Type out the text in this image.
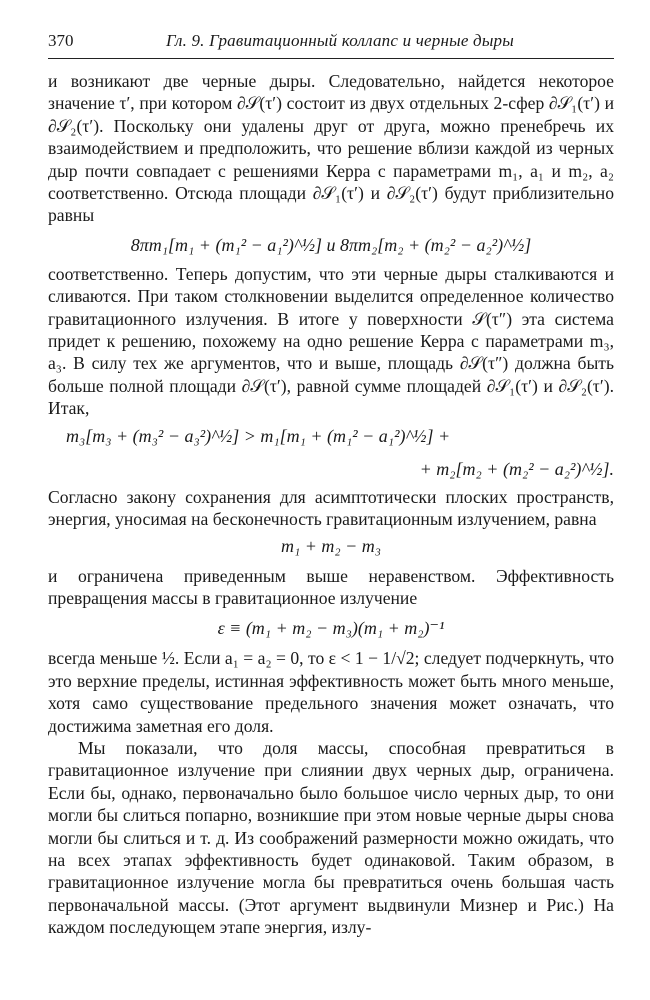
370	Гл. 9. Гравитационный коллапс и черные дыры

и возникают две черные дыры. Следовательно, найдется некоторое значение τ′, при котором ∂𝒮(τ′) состоит из двух отдельных 2-сфер ∂𝒮₁(τ′) и ∂𝒮₂(τ′). Поскольку они удалены друг от друга, можно пренебречь их взаимодействием и предположить, что решение вблизи каждой из черных дыр почти совпадает с решениями Керра с параметрами m₁, a₁ и m₂, a₂ соответственно. Отсюда площади ∂𝒮₁(τ′) и ∂𝒮₂(τ′) будут приблизительно равны

8πm₁[m₁ + (m₁² − a₁²)^½] и 8πm₂[m₂ + (m₂² − a₂²)^½]

соответственно. Теперь допустим, что эти черные дыры сталкиваются и сливаются. При таком столкновении выделится определенное количество гравитационного излучения. В итоге у поверхности 𝒮(τ″) эта система придет к решению, похожему на одно решение Керра с параметрами m₃, a₃. В силу тех же аргументов, что и выше, площадь ∂𝒮(τ″) должна быть больше полной площади ∂𝒮(τ′), равной сумме площадей ∂𝒮₁(τ′) и ∂𝒮₂(τ′). Итак,

m₃[m₃ + (m₃² − a₃²)^½] > m₁[m₁ + (m₁² − a₁²)^½] +

+ m₂[m₂ + (m₂² − a₂²)^½].

Согласно закону сохранения для асимптотически плоских пространств, энергия, уносимая на бесконечность гравитационным излучением, равна

m₁ + m₂ − m₃

и ограничена приведенным выше неравенством. Эффективность превращения массы в гравитационное излучение

ε ≡ (m₁ + m₂ − m₃)(m₁ + m₂)⁻¹

всегда меньше ½. Если a₁ = a₂ = 0, то ε < 1 − 1/√2; следует подчеркнуть, что это верхние пределы, истинная эффективность может быть много меньше, хотя само существование предельного значения может означать, что достижима заметная его доля.

Мы показали, что доля массы, способная превратиться в гравитационное излучение при слиянии двух черных дыр, ограничена. Если бы, однако, первоначально было большое число черных дыр, то они могли бы слиться попарно, возникшие при этом новые черные дыры снова могли бы слиться и т. д. Из соображений размерности можно ожидать, что на всех этапах эффективность будет одинаковой. Таким образом, в гравитационное излучение могла бы превратиться очень большая часть первоначальной массы. (Этот аргумент выдвинули Мизнер и Рис.) На каждом последующем этапе энергия, излу-
